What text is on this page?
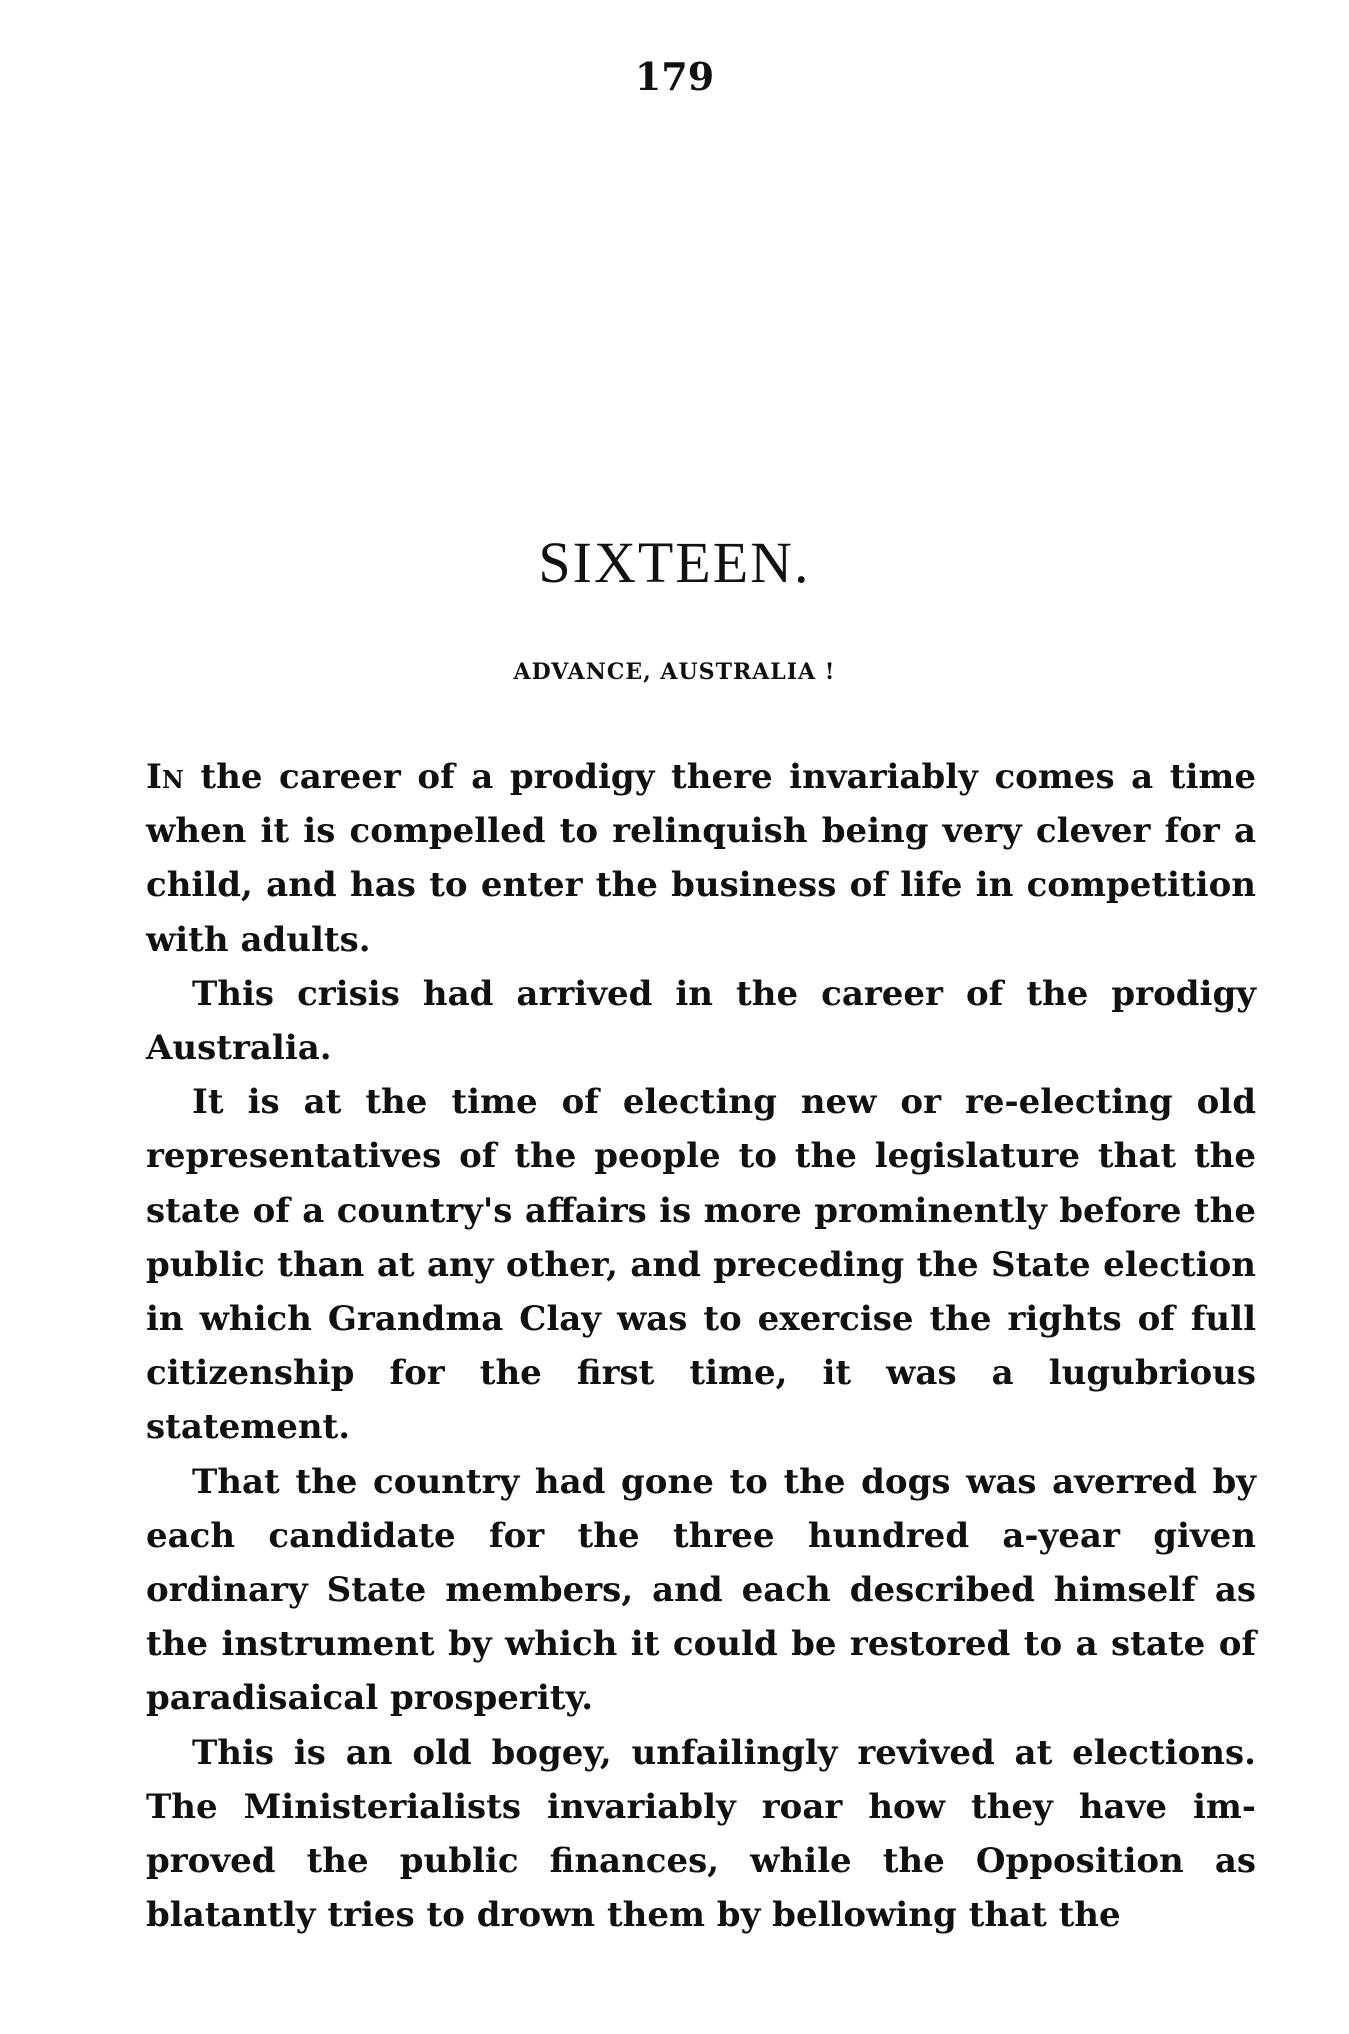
179
SIXTEEN.
ADVANCE, AUSTRALIA !

In the career of a prodigy there invariably comes a time when it is compelled to relinquish being very clever for a child, and has to enter the business of life in competition with adults.

This crisis had arrived in the career of the prodigy Australia.

It is at the time of electing new or re-electing old representatives of the people to the legislature that the state of a country's affairs is more prominently before the public than at any other, and preceding the State election in which Grandma Clay was to exercise the rights of full citizenship for the first time, it was a lugubrious statement.

That the country had gone to the dogs was averred by each candidate for the three hundred a-year given ordinary State members, and each described himself as the instrument by which it could be restored to a state of paradisaical prosperity.

This is an old bogey, unfailingly revived at elections. The Ministerialists invariably roar how they have im- proved the public finances, while the Opposition as blatantly tries to drown them by bellowing that the
